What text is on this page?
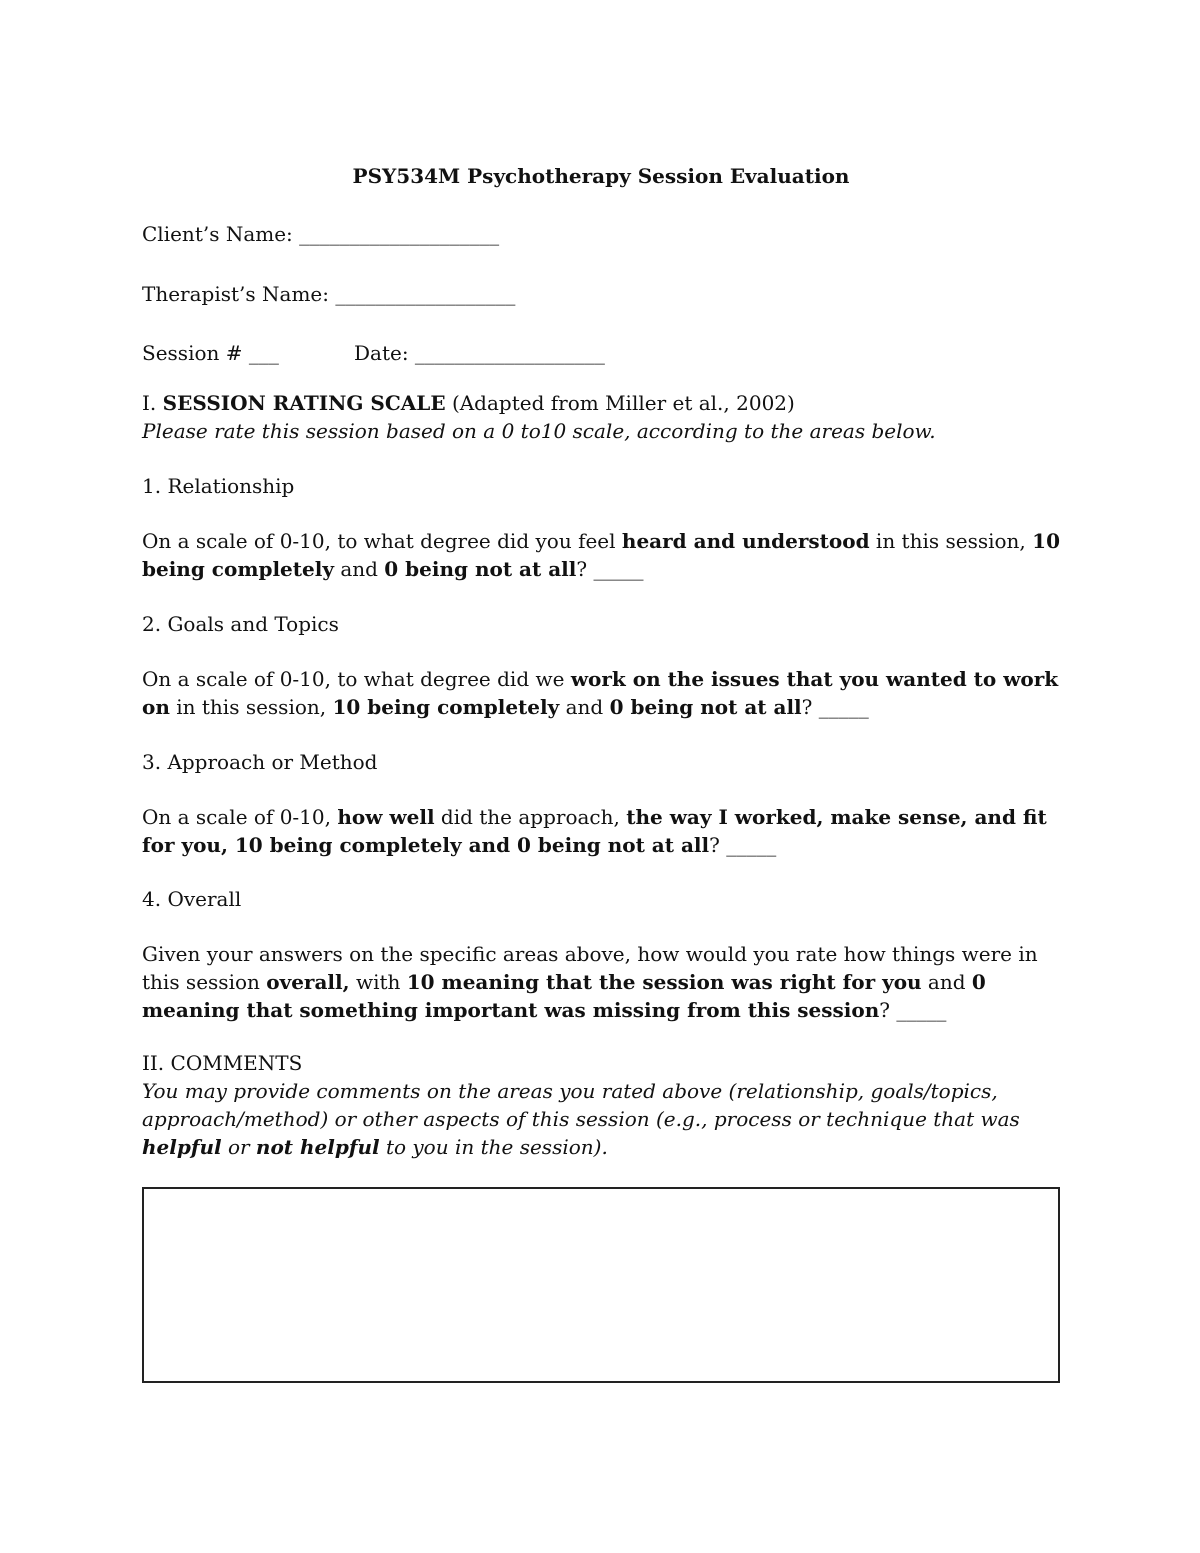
PSY534M Psychotherapy Session Evaluation
Client’s Name: ____________________
Therapist’s Name: __________________
Session # ___	Date: ___________________
I. SESSION RATING SCALE (Adapted from Miller et al., 2002)
Please rate this session based on a 0 to10 scale, according to the areas below.
1. Relationship
On a scale of 0-10, to what degree did you feel heard and understood in this session, 10 being completely and 0 being not at all? _____
2. Goals and Topics
On a scale of 0-10, to what degree did we work on the issues that you wanted to work on in this session, 10 being completely and 0 being not at all? _____
3. Approach or Method
On a scale of 0-10, how well did the approach, the way I worked, make sense, and fit for you, 10 being completely and 0 being not at all? _____
4. Overall
Given your answers on the specific areas above, how would you rate how things were in this session overall, with 10 meaning that the session was right for you and 0 meaning that something important was missing from this session? _____
II. COMMENTS
You may provide comments on the areas you rated above (relationship, goals/topics, approach/method) or other aspects of this session (e.g., process or technique that was helpful or not helpful to you in the session).
